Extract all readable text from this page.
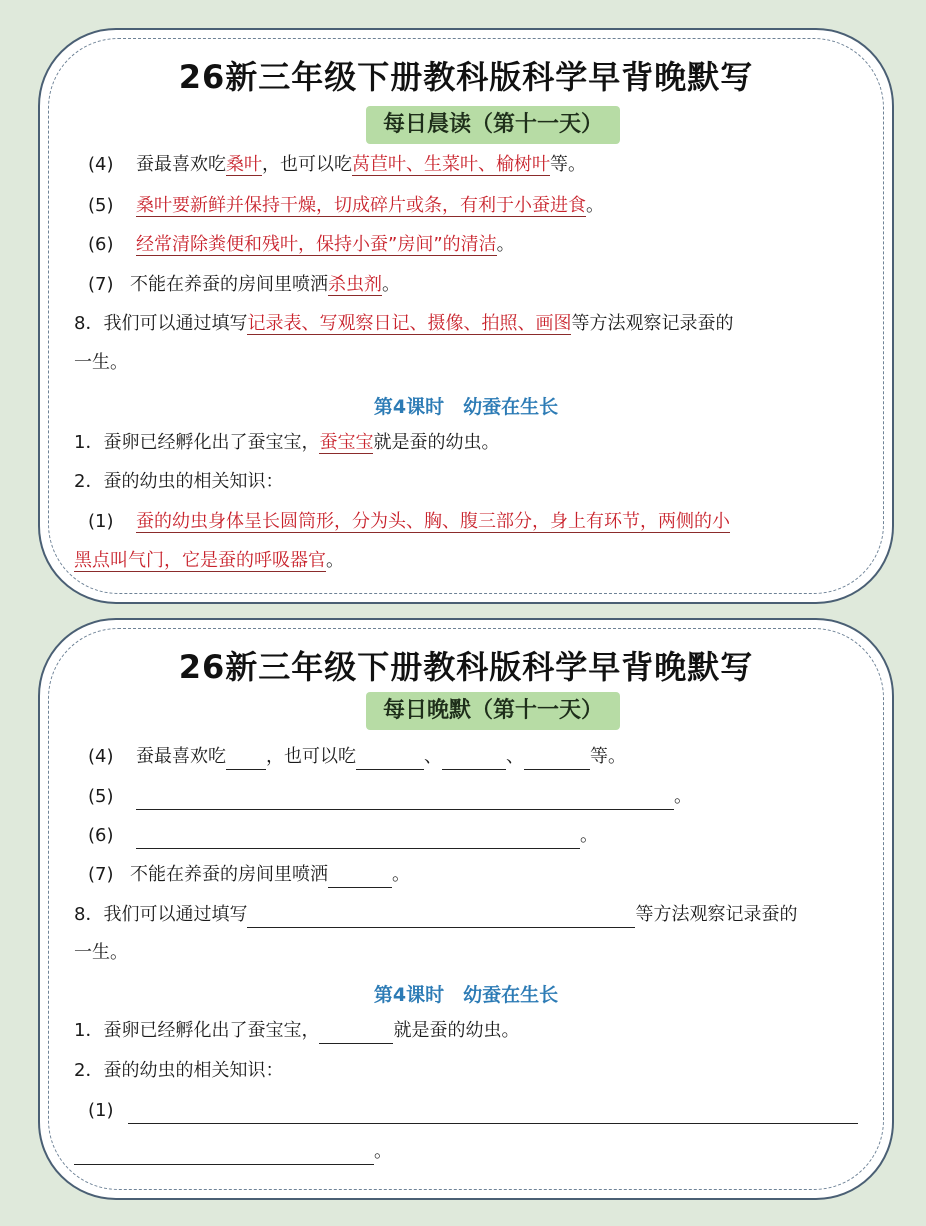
26新三年级下册教科版科学早背晚默写
每日晨读（第十一天）
(4) 蚕最喜欢吃桑叶，也可以吃莴苣叶、生菜叶、榆树叶等。
(5) 桑叶要新鲜并保持干燥，切成碎片或条，有利于小蚕进食。
(6) 经常清除粪便和残叶，保持小蚕”房间”的清洁。
(7) 不能在养蚕的房间里喷洒杀虫剂。
8．我们可以通过填写记录表、写观察日记、摄像、拍照、画图等方法观察记录蚕的
一生。
第4课时　幼蚕在生长
1．蚕卵已经孵化出了蚕宝宝，蚕宝宝就是蚕的幼虫。
2．蚕的幼虫的相关知识：
(1) 蚕的幼虫身体呈长圆筒形，分为头、胸、腹三部分，身上有环节，两侧的小
黑点叫气门，它是蚕的呼吸器官。
26新三年级下册教科版科学早背晚默写
每日晚默（第十一天）
(4) 蚕最喜欢吃 ，也可以吃	、	、	等。
(5)	。
(6)	。
(7) 不能在养蚕的房间里喷洒	。
8．我们可以通过填写	等方法观察记录蚕的
一生。
第4课时　幼蚕在生长
1．蚕卵已经孵化出了蚕宝宝，	就是蚕的幼虫。
2．蚕的幼虫的相关知识：
(1)
。
